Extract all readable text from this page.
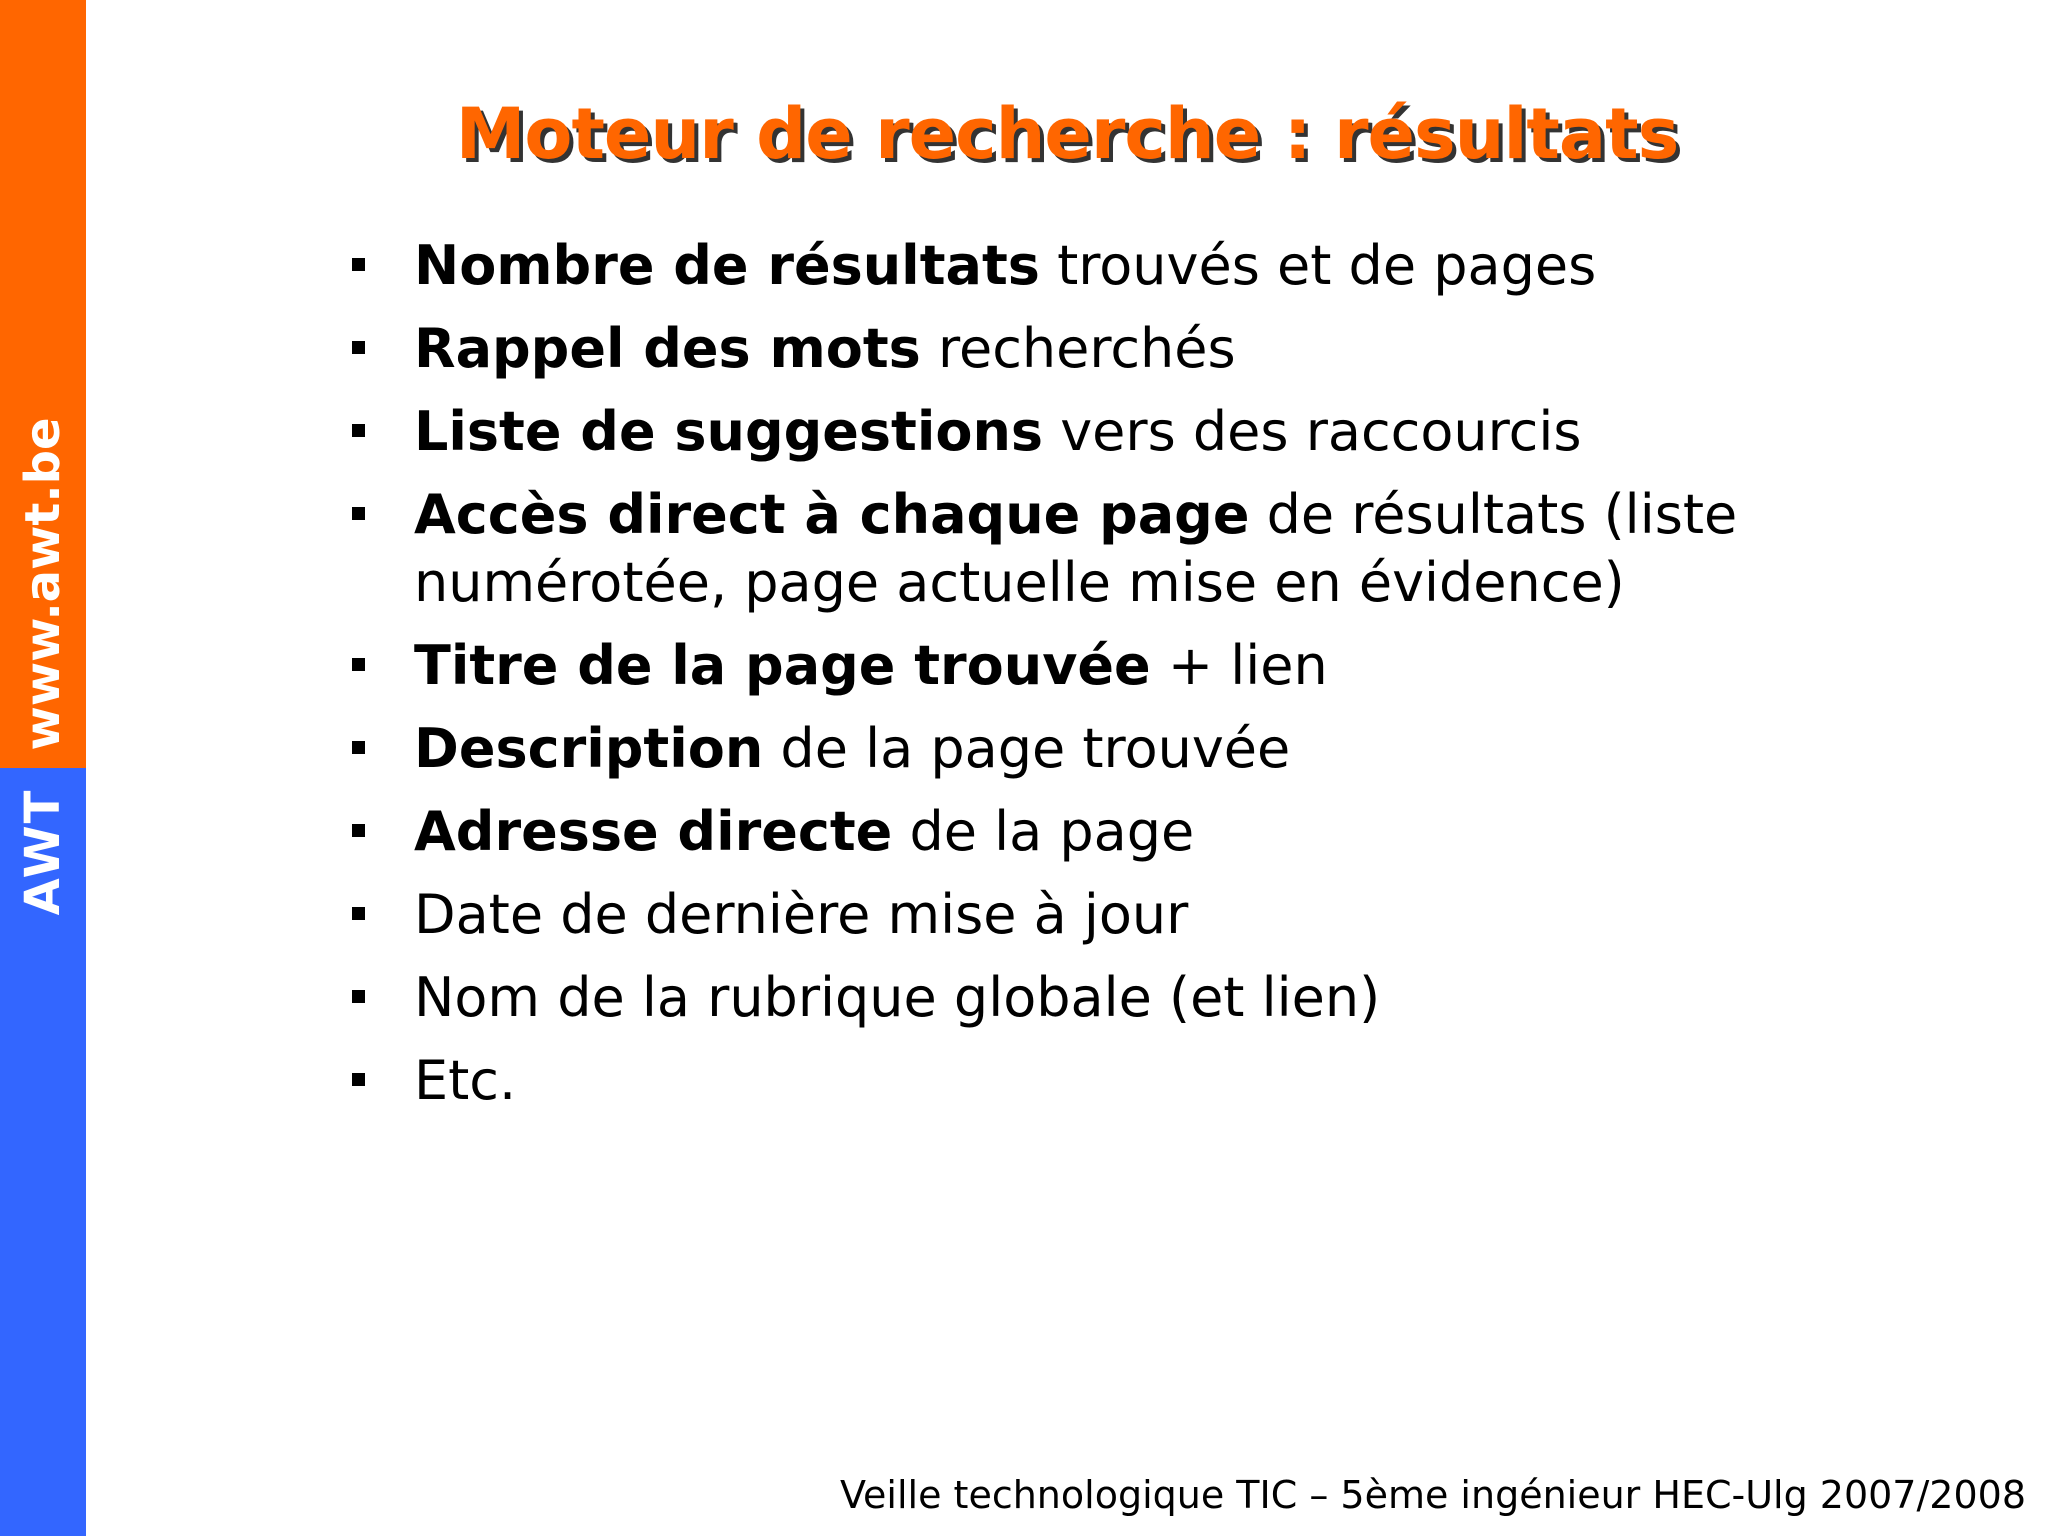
www.awt.be
AWT
Moteur de recherche : résultats
Nombre de résultats trouvés et de pages
Rappel des mots recherchés
Liste de suggestions vers des raccourcis
Accès direct à chaque page de résultats (liste numérotée, page actuelle mise en évidence)
Titre de la page trouvée + lien
Description de la page trouvée
Adresse directe de la page
Date de dernière mise à jour
Nom de la rubrique globale (et lien)
Etc.
Veille technologique TIC – 5ème ingénieur HEC-Ulg 2007/2008
